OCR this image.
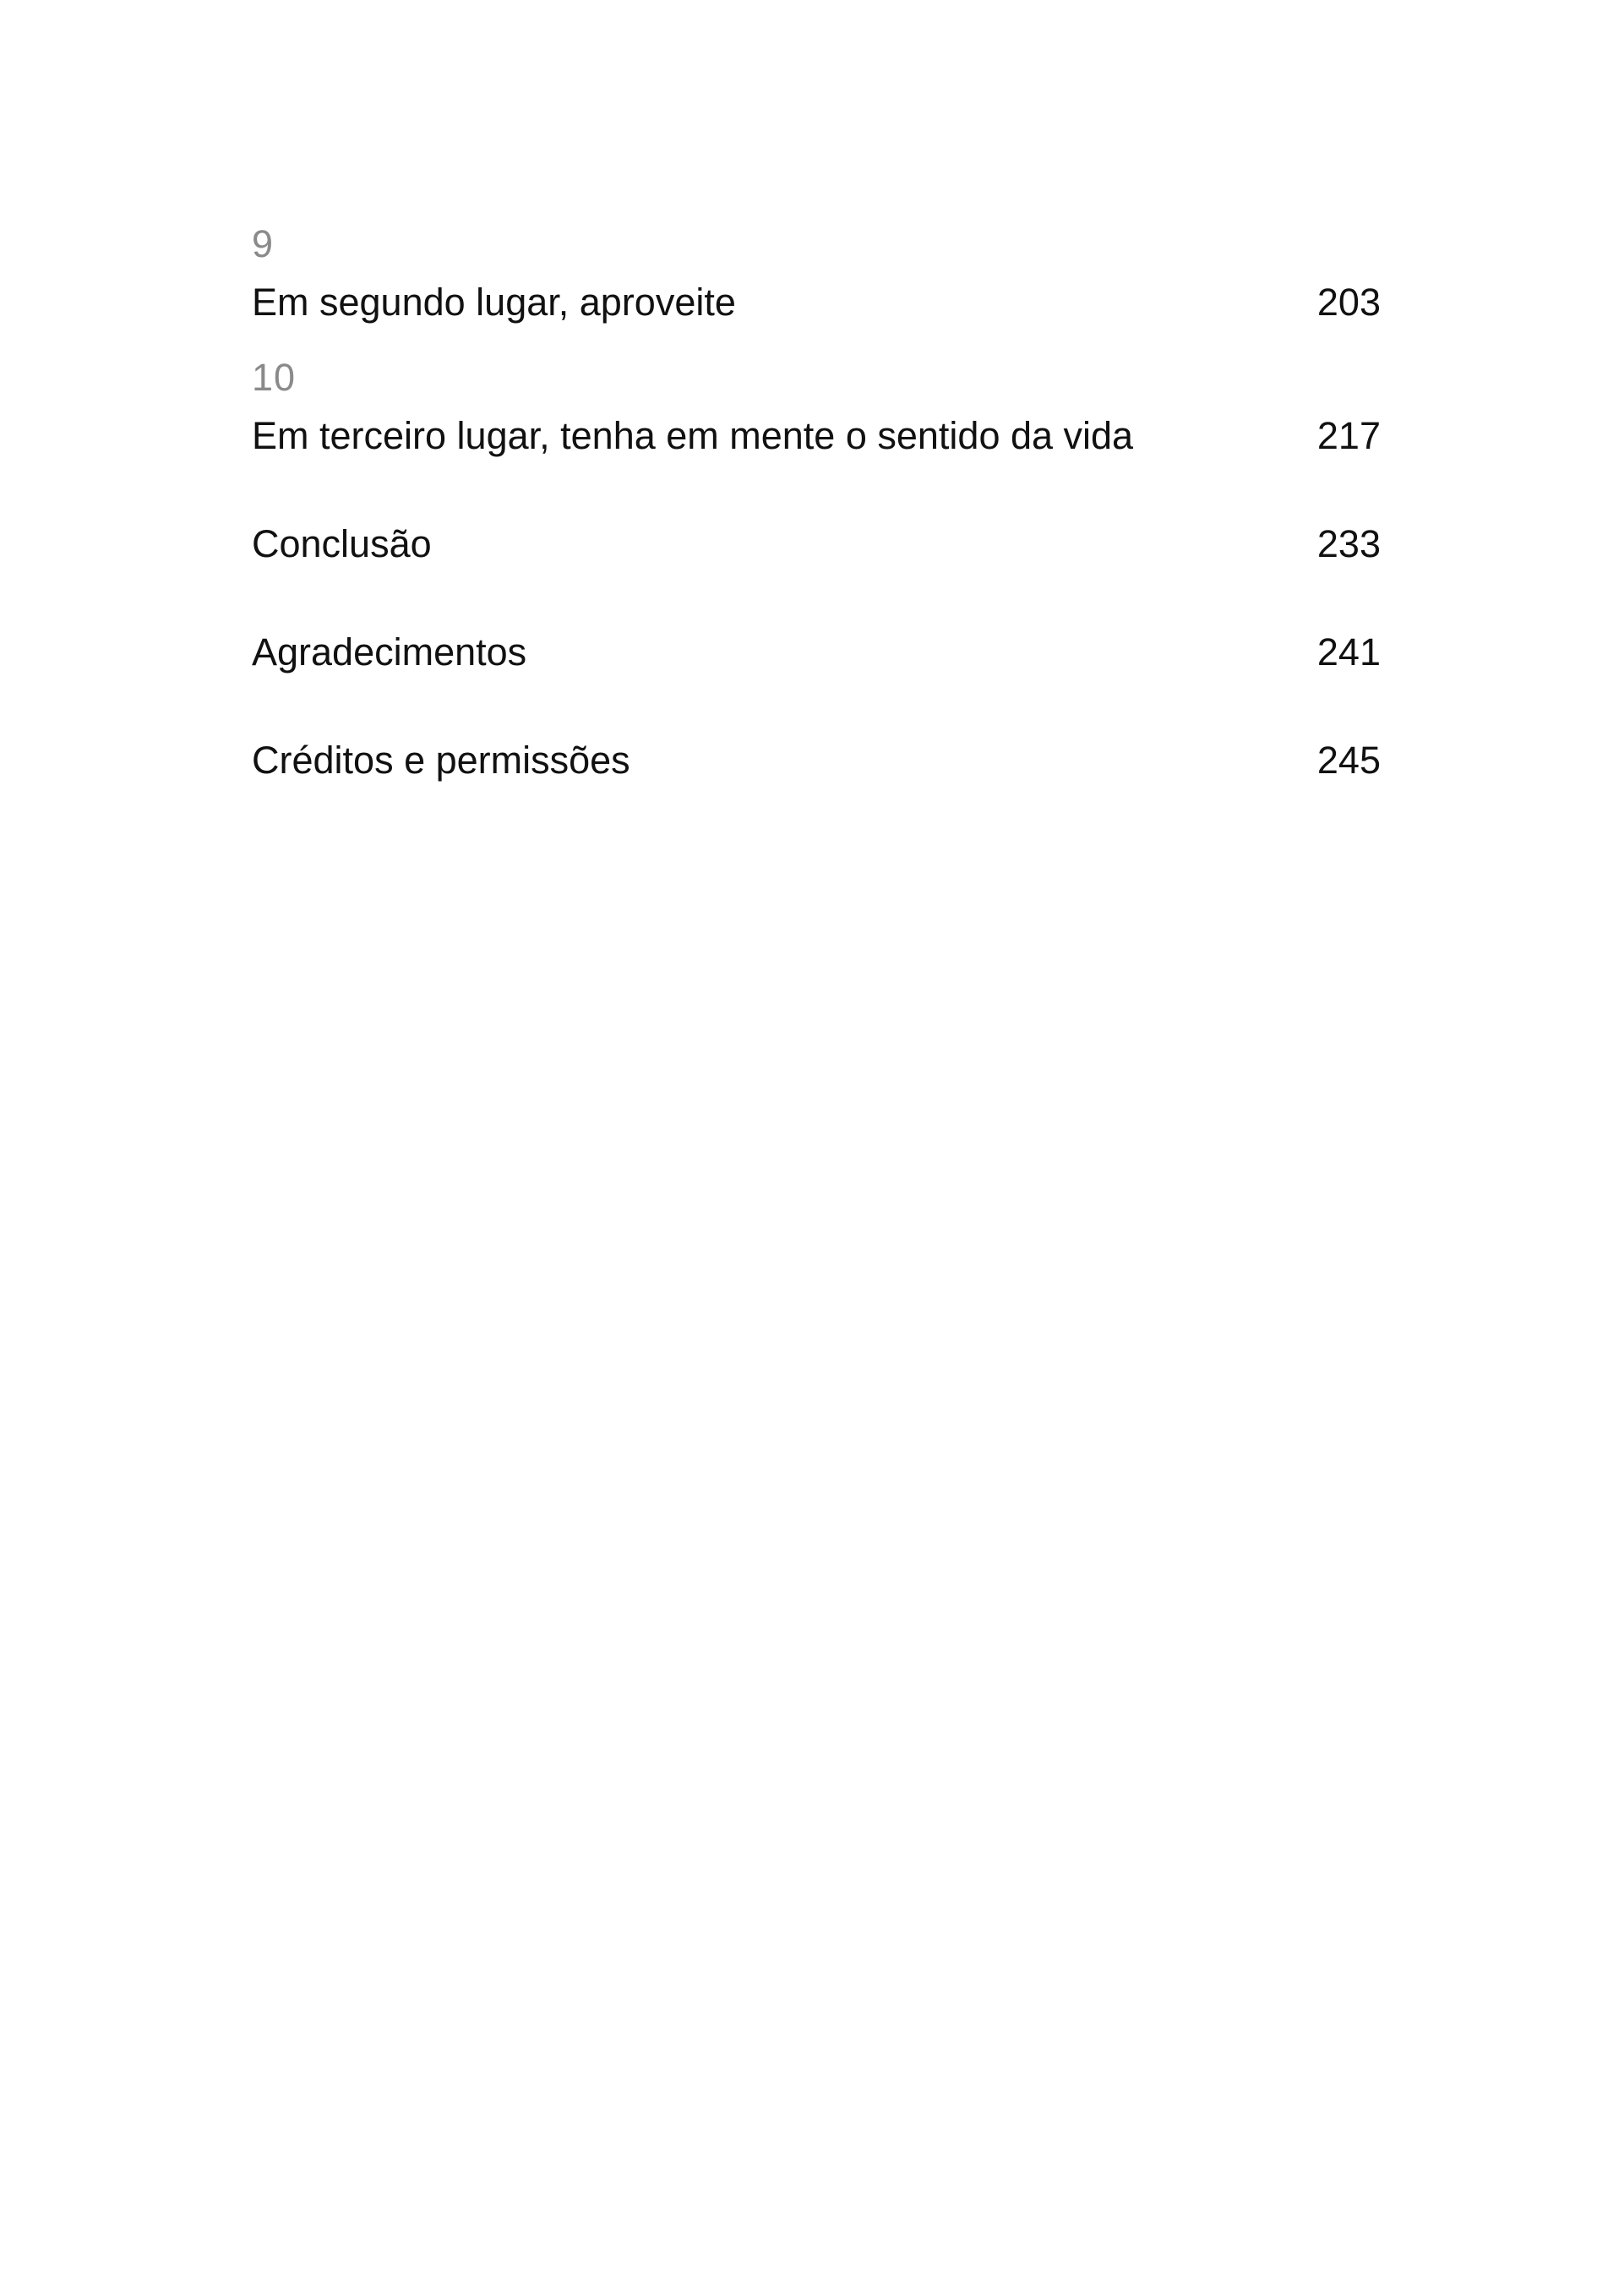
9
Em segundo lugar, aproveite	203
10
Em terceiro lugar, tenha em mente o sentido da vida	217
Conclusão	233
Agradecimentos	241
Créditos e permissões	245
